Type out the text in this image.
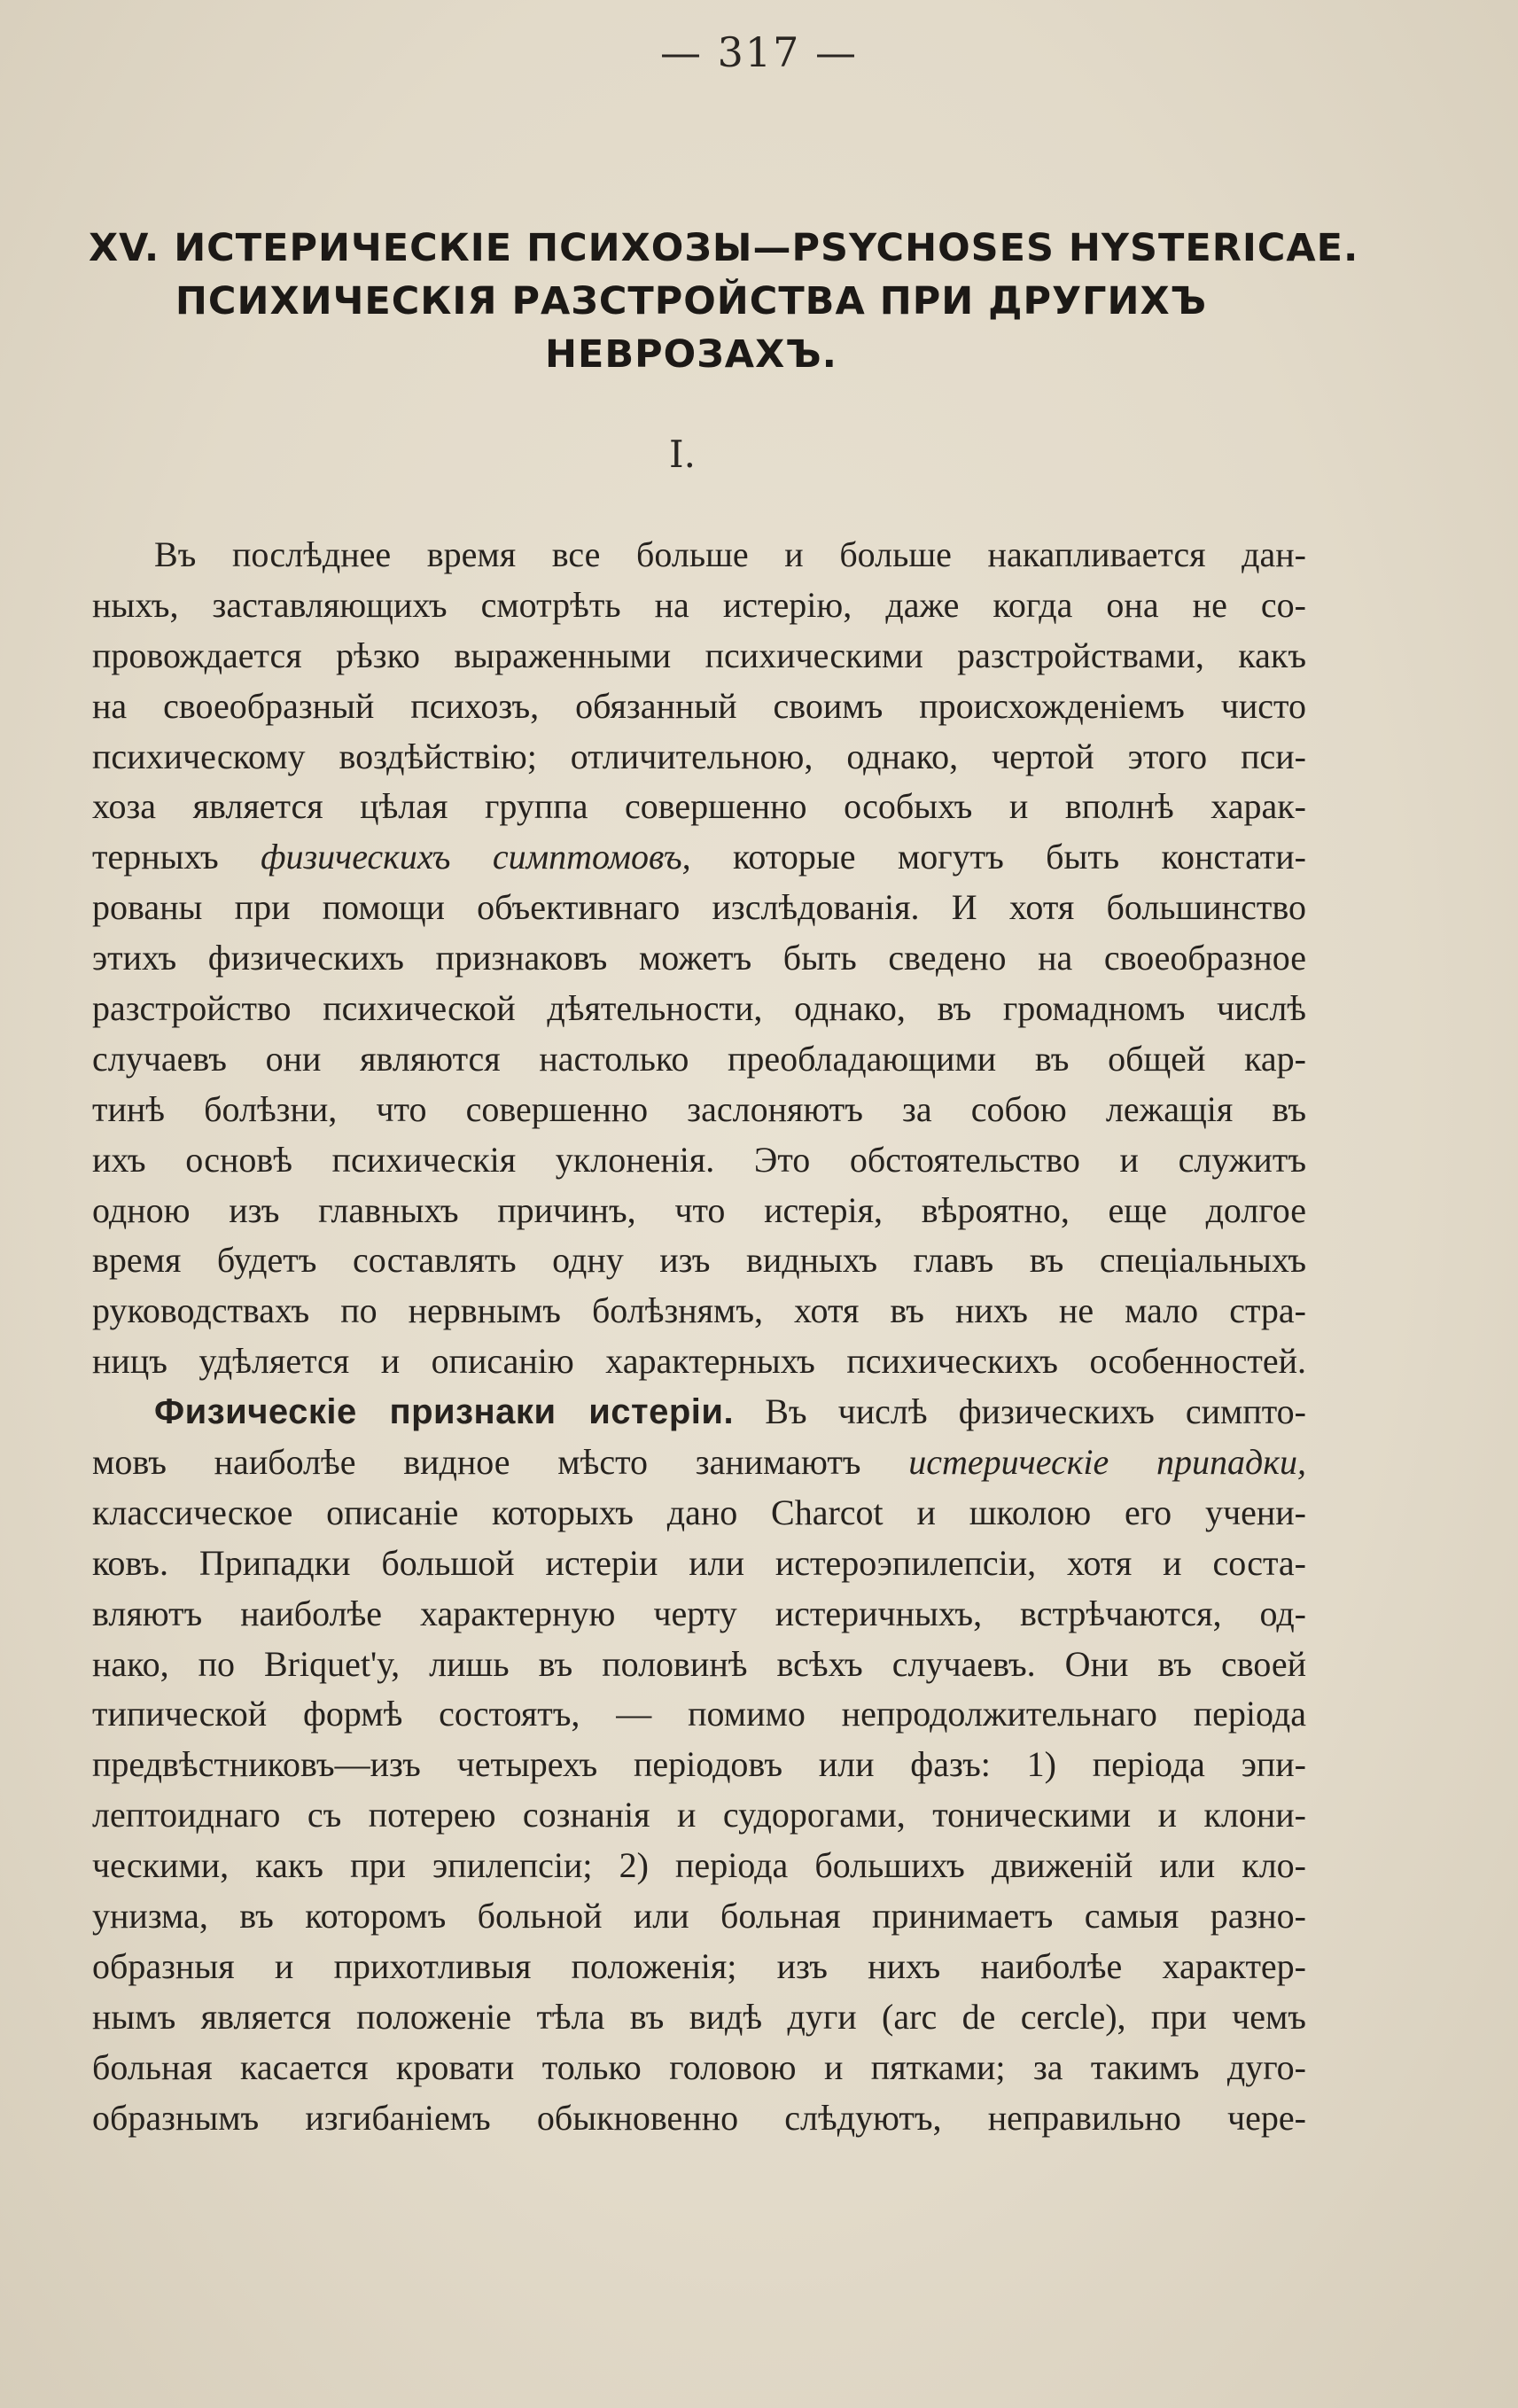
— 317 —
XV. ИСТЕРИЧЕСКІЕ ПСИХОЗЫ—PSYCHOSES HYSTERICAE.
ПСИХИЧЕСКІЯ РАЗСТРОЙСТВА ПРИ ДРУГИХЪ
НЕВРОЗАХЪ.
I.
Въ послѣднее время все больше и больше накапливается дан-
ныхъ, заставляющихъ смотрѣть на истерію, даже когда она не со-
провождается рѣзко выраженными психическими разстройствами, какъ
на своеобразный психозъ, обязанный своимъ происхожденіемъ чисто
психическому воздѣйствію; отличительною, однако, чертой этого пси-
хоза является цѣлая группа совершенно особыхъ и вполнѣ харак-
терныхъ физическихъ симптомовъ, которые могутъ быть констати-
рованы при помощи объективнаго изслѣдованія. И хотя большинство
этихъ физическихъ признаковъ можетъ быть сведено на своеобразное
разстройство психической дѣятельности, однако, въ громадномъ числѣ
случаевъ они являются настолько преобладающими въ общей кар-
тинѣ болѣзни, что совершенно заслоняютъ за собою лежащія въ
ихъ основѣ психическія уклоненія. Это обстоятельство и служитъ
одною изъ главныхъ причинъ, что истерія, вѣроятно, еще долгое
время будетъ составлять одну изъ видныхъ главъ въ спеціальныхъ
руководствахъ по нервнымъ болѣзнямъ, хотя въ нихъ не мало стра-
ницъ удѣляется и описанію характерныхъ психическихъ особенностей.
Физическіе признаки истеріи. Въ числѣ физическихъ симпто-
мовъ наиболѣе видное мѣсто занимаютъ истерическіе припадки,
классическое описаніе которыхъ дано Charcot и школою его учени-
ковъ. Припадки большой истеріи или истероэпилепсіи, хотя и соста-
вляютъ наиболѣе характерную черту истеричныхъ, встрѣчаются, од-
нако, по Briquet'у, лишь въ половинѣ всѣхъ случаевъ. Они въ своей
типической формѣ состоятъ, — помимо непродолжительнаго періода
предвѣстниковъ—изъ четырехъ періодовъ или фазъ: 1) періода эпи-
лептоиднаго съ потерею сознанія и судорогами, тоническими и клони-
ческими, какъ при эпилепсіи; 2) періода большихъ движеній или кло-
унизма, въ которомъ больной или больная принимаетъ самыя разно-
образныя и прихотливыя положенія; изъ нихъ наиболѣе характер-
нымъ является положеніе тѣла въ видѣ дуги (arc de cercle), при чемъ
больная касается кровати только головою и пятками; за такимъ дуго-
образнымъ изгибаніемъ обыкновенно слѣдуютъ, неправильно чере-
